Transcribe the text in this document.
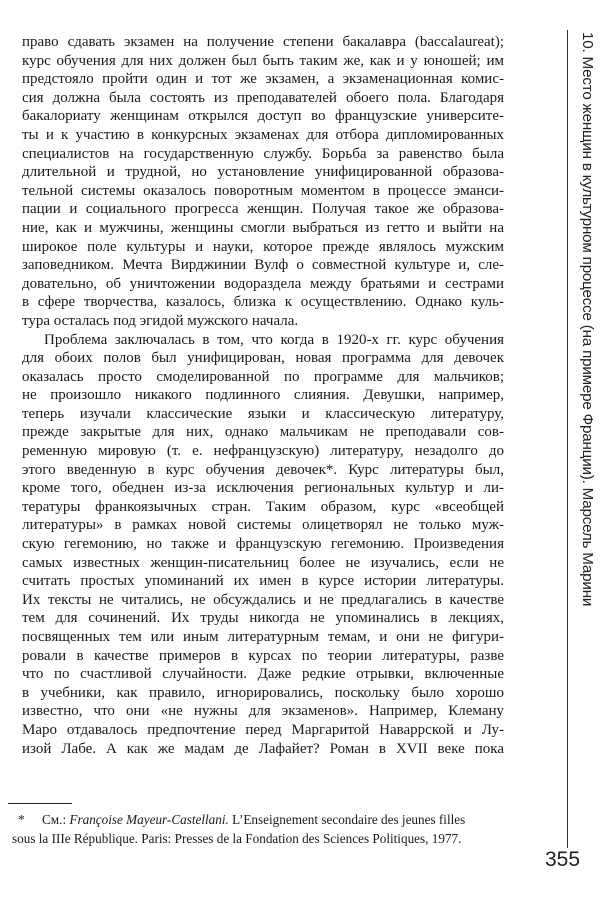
право сдавать экзамен на получение степени бакалавра (baccalaureat);
курс обучения для них должен был быть таким же, как и у юношей; им
предстояло пройти один и тот же экзамен, а экзаменационная комис-
сия должна была состоять из преподавателей обоего пола. Благодаря
бакалориату женщинам открылся доступ во французские университе-
ты и к участию в конкурсных экзаменах для отбора дипломированных
специалистов на государственную службу. Борьба за равенство была
длительной и трудной, но установление унифицированной образова-
тельной системы оказалось поворотным моментом в процессе эманси-
пации и социального прогресса женщин. Получая такое же образова-
ние, как и мужчины, женщины смогли выбраться из гетто и выйти на
широкое поле культуры и науки, которое прежде являлось мужским
заповедником. Мечта Вирджинии Вулф о совместной культуре и, сле-
довательно, об уничтожении водораздела между братьями и сестрами
в сфере творчества, казалось, близка к осуществлению. Однако куль-
тура осталась под эгидой мужского начала.
Проблема заключалась в том, что когда в 1920-х гг. курс обучения
для обоих полов был унифицирован, новая программа для девочек
оказалась просто смоделированной по программе для мальчиков;
не произошло никакого подлинного слияния. Девушки, например,
теперь изучали классические языки и классическую литературу,
прежде закрытые для них, однако мальчикам не преподавали сов-
ременную мировую (т. е. нефранцузскую) литературу, незадолго до
этого введенную в курс обучения девочек*. Курс литературы был,
кроме того, обеднен из-за исключения региональных культур и ли-
тературы франкоязычных стран. Таким образом, курс «всеобщей
литературы» в рамках новой системы олицетворял не только муж-
скую гегемонию, но также и французскую гегемонию. Произведения
самых известных женщин-писательниц более не изучались, если не
считать простых упоминаний их имен в курсе истории литературы.
Их тексты не читались, не обсуждались и не предлагались в качестве
тем для сочинений. Их труды никогда не упоминались в лекциях,
посвященных тем или иным литературным темам, и они не фигури-
ровали в качестве примеров в курсах по теории литературы, разве
что по счастливой случайности. Даже редкие отрывки, включенные
в учебники, как правило, игнорировались, поскольку было хорошо
известно, что они «не нужны для экзаменов». Например, Клеману
Маро отдавалось предпочтение перед Маргаритой Наваррской и Лу-
изой Лабе. А как же мадам де Лафайет? Роман в XVII веке пока
* См.: Françoise Mayeur-Castellani. L’Enseignement secondaire des jeunes filles
sous la IIIe République. Paris: Presses de la Fondation des Sciences Politiques, 1977.
10. Место женщин в культурном процессе (на примере Франции). Марсель Марини
355
